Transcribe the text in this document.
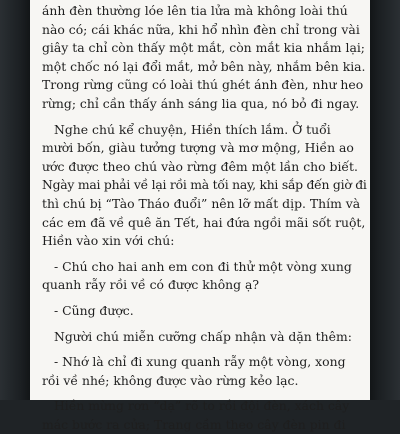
ánh đèn thường lóe lên tia lửa mà không loài thú
nào có; cái khác nữa, khi hổ nhìn đèn chỉ trong vài
giây ta chỉ còn thấy một mắt, còn mắt kia nhắm lại;
một chốc nó lại đổi mắt, mở bên này, nhắm bên kia.
Trong rừng cũng có loài thú ghét ánh đèn, như heo
rừng; chỉ cần thấy ánh sáng lia qua, nó bỏ đi ngay.

Nghe chú kể chuyện, Hiền thích lắm. Ở tuổi
mười bốn, giàu tưởng tượng và mơ mộng, Hiền ao
ước được theo chú vào rừng đêm một lần cho biết.
Ngày mai phải về lại rồi mà tối nay, khi sắp đến giờ đi
thì chú bị “Tào Tháo đuổi” nên lỡ mất dịp. Thím và
các em đã về quê ăn Tết, hai đứa ngồi mãi sốt ruột,
Hiền vào xin với chú:

- Chú cho hai anh em con đi thử một vòng xung
quanh rẫy rồi về có được không ạ?

- Cũng được.

Người chú miễn cưỡng chấp nhận và dặn thêm:

- Nhớ là chỉ đi xung quanh rẫy một vòng, xong
rồi về nhé; không được vào rừng kẻo lạc.

Hiền mừng rơn “dạ” rõ to rồi đội đèn, xách cây
mác bước ra cửa; Trang cầm theo cây đèn pin đi
